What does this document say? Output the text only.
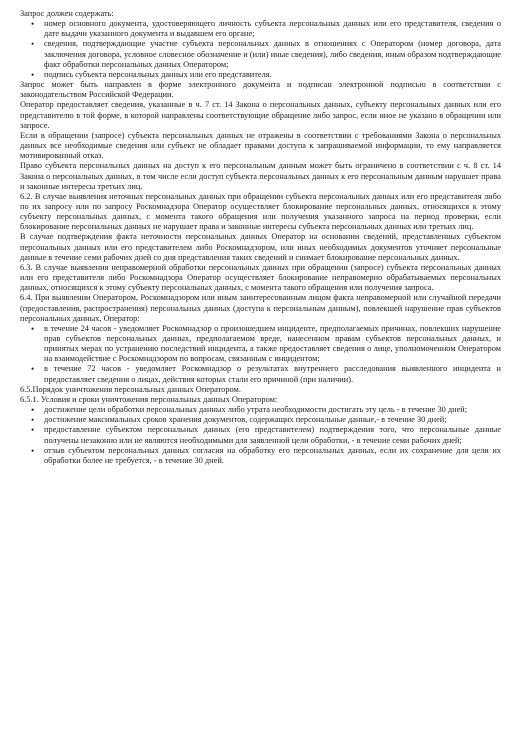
Запрос должен содержать:

• номер основного документа, удостоверяющего личность субъекта персональных данных или его представителя, сведения о дате выдачи указанного документа и выдавшем его органе;
• сведения, подтверждающие участие субъекта персональных данных в отношениях с Оператором (номер договора, дата заключения договора, условное словесное обозначение и (или) иные сведения), либо сведения, иным образом подтверждающие факт обработки персональных данных Оператором;
• подпись субъекта персональных данных или его представителя.

Запрос может быть направлен в форме электронного документа и подписан электронной подписью в соответствии с законодательством Российской Федерации.

Оператор предоставляет сведения, указанные в ч. 7 ст. 14 Закона о персональных данных, субъекту персональных данных или его представителю в той форме, в которой направлены соответствующие обращение либо запрос, если иное не указано в обращении или запросе.

Если в обращении (запросе) субъекта персональных данных не отражены в соответствии с требованиями Закона о персональных данных все необходимые сведения или субъект не обладает правами доступа к запрашиваемой информации, то ему направляется мотивированный отказ.

Право субъекта персональных данных на доступ к его персональным данным может быть ограничено в соответствии с ч. 8 ст. 14 Закона о персональных данных, в том числе если доступ субъекта персональных данных к его персональным данным нарушает права и законные интересы третьих лиц.

6.2. В случае выявления неточных персональных данных при обращении субъекта персональных данных или его представителя либо по их запросу или по запросу Роскомнадзора Оператор осуществляет блокирование персональных данных, относящихся к этому субъекту персональных данных, с момента такого обращения или получения указанного запроса на период проверки, если блокирование персональных данных не нарушает права и законные интересы субъекта персональных данных или третьих лиц.

В случае подтверждения факта неточности персональных данных Оператор на основании сведений, представленных субъектом персональных данных или его представителем либо Роскомнадзором, или иных необходимых документов уточняет персональные данные в течение семи рабочих дней со дня представления таких сведений и снимает блокирование персональных данных.

6.3. В случае выявления неправомерной обработки персональных данных при обращении (запросе) субъекта персональных данных или его представителя либо Роскомнадзора Оператор осуществляет блокирование неправомерно обрабатываемых персональных данных, относящихся к этому субъекту персональных данных, с момента такого обращения или получения запроса.

6.4. При выявлении Оператором, Роскомнадзором или иным заинтересованным лицом факта неправомерной или случайной передачи (предоставления, распространения) персональных данных (доступа к персональным данным), повлекшей нарушение прав субъектов персональных данных, Оператор:

• в течение 24 часов - уведомляет Роскомнадзор о произошедшем инциденте, предполагаемых причинах, повлекших нарушение прав субъектов персональных данных, предполагаемом вреде, нанесенном правам субъектов персональных данных, и принятых мерах по устранению последствий инцидента, а также предоставляет сведения о лице, уполномоченном Оператором на взаимодействие с Роскомнадзором по вопросам, связанным с инцидентом;
• в течение 72 часов - уведомляет Роскомнадзор о результатах внутреннего расследования выявленного инцидента и предоставляет сведения о лицах, действия которых стали его причиной (при наличии).

6.5.Порядок уничтожения персональных данных Оператором.

6.5.1. Условия и сроки уничтожения персональных данных Оператором:

• достижение цели обработки персональных данных либо утрата необходимости достигать эту цель - в течение 30 дней;
• достижение максимальных сроков хранения документов, содержащих персональные данные,- в течение 30 дней;
• предоставление субъектом персональных данных (его представителем) подтверждения того, что персональные данные получены незаконно или не являются необходимыми для заявленной цели обработки, - в течение семи рабочих дней;
• отзыв субъектом персональных данных согласия на обработку его персональных данных, если их сохранение для цели их обработки более не требуется, - в течение 30 дней.
